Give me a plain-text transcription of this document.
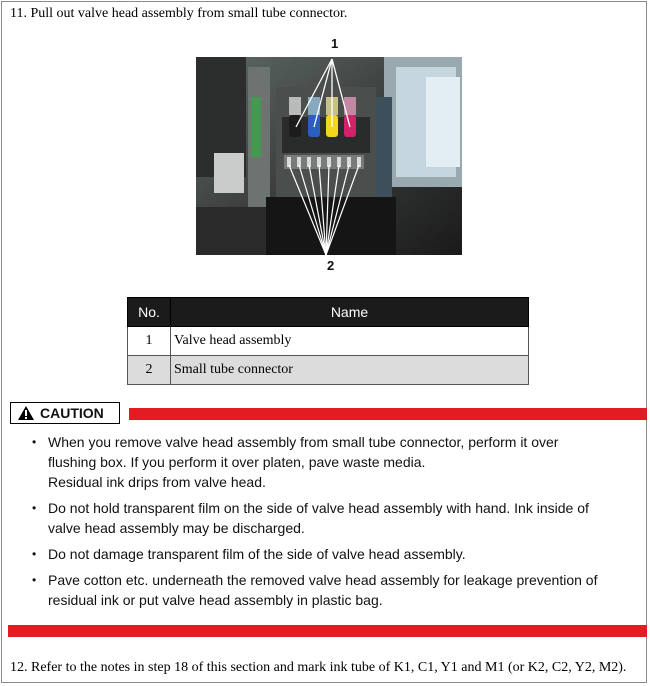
11. Pull out valve head assembly from small tube connector.
1
2
No.	Name
1	Valve head assembly
2	Small tube connector
CAUTION
• When you remove valve head assembly from small tube connector, perform it over
flushing box. If you perform it over platen, pave waste media.
Residual ink drips from valve head.
• Do not hold transparent film on the side of valve head assembly with hand. Ink inside of
valve head assembly may be discharged.
• Do not damage transparent film of the side of valve head assembly.
• Pave cotton etc. underneath the removed valve head assembly for leakage prevention of
residual ink or put valve head assembly in plastic bag.
12. Refer to the notes in step 18 of this section and mark ink tube of K1, C1, Y1 and M1 (or K2, C2, Y2, M2).
